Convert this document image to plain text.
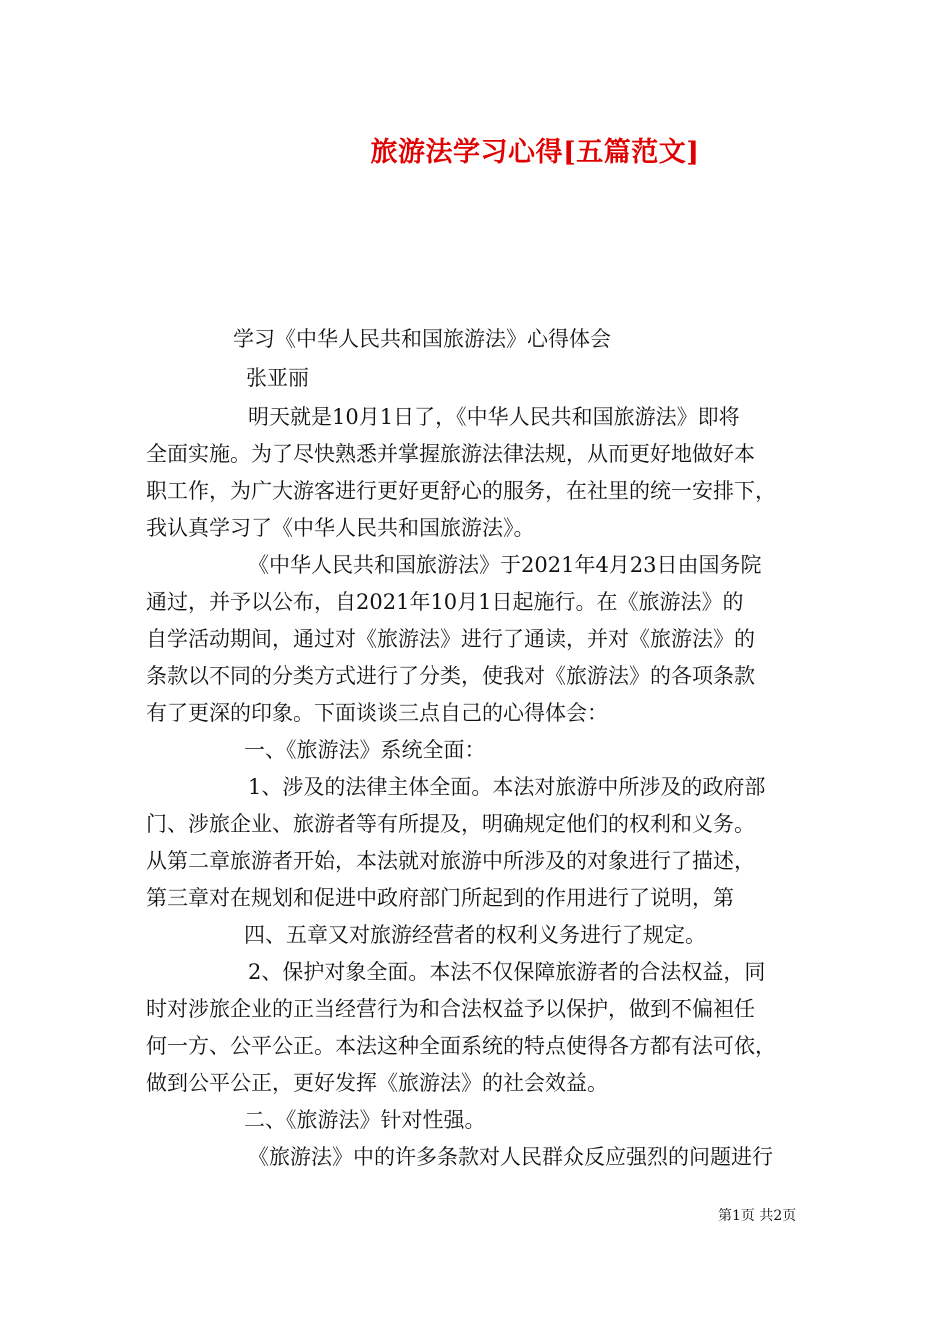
旅游法学习心得[五篇范文]
学习《中华人民共和国旅游法》心得体会
张亚丽
明天就是10月1日了，《中华人民共和国旅游法》即将
全面实施。为了尽快熟悉并掌握旅游法律法规，从而更好地做好本
职工作，为广大游客进行更好更舒心的服务，在社里的统一安排下，
我认真学习了《中华人民共和国旅游法》。
《中华人民共和国旅游法》于2021年4月23日由国务院
通过，并予以公布，自2021年10月1日起施行。在《旅游法》的
自学活动期间，通过对《旅游法》进行了通读，并对《旅游法》的
条款以不同的分类方式进行了分类，使我对《旅游法》的各项条款
有了更深的印象。下面谈谈三点自己的心得体会：
一、《旅游法》系统全面：
1、涉及的法律主体全面。本法对旅游中所涉及的政府部
门、涉旅企业、旅游者等有所提及，明确规定他们的权利和义务。
从第二章旅游者开始，本法就对旅游中所涉及的对象进行了描述，
第三章对在规划和促进中政府部门所起到的作用进行了说明，第
四、五章又对旅游经营者的权利义务进行了规定。
2、保护对象全面。本法不仅保障旅游者的合法权益，同
时对涉旅企业的正当经营行为和合法权益予以保护，做到不偏袒任
何一方、公平公正。本法这种全面系统的特点使得各方都有法可依，
做到公平公正，更好发挥《旅游法》的社会效益。
二、《旅游法》针对性强。
《旅游法》中的许多条款对人民群众反应强烈的问题进行
第1页 共2页
